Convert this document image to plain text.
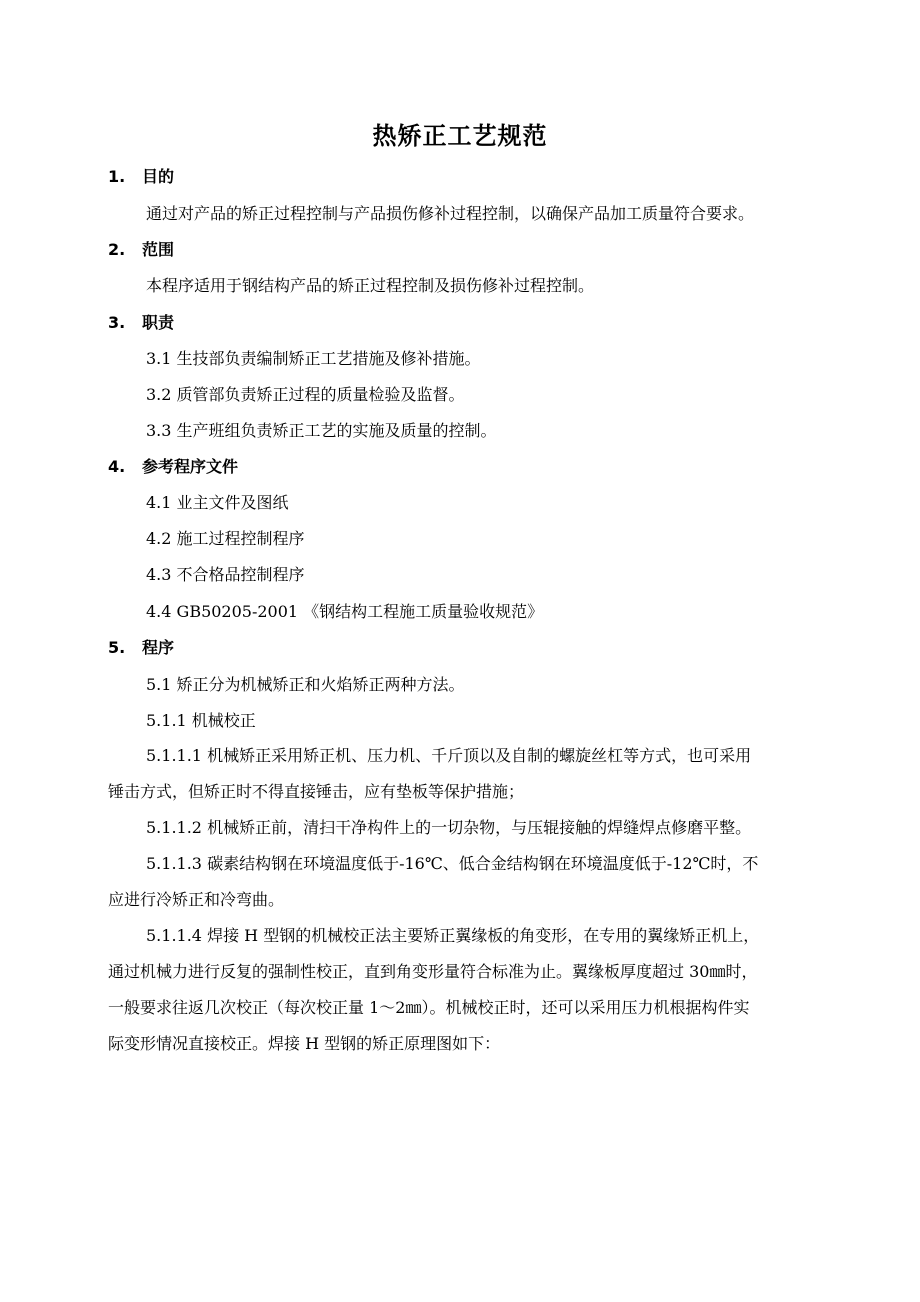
热矫正工艺规范
1. 目的
通过对产品的矫正过程控制与产品损伤修补过程控制，以确保产品加工质量符合要求。
2. 范围
本程序适用于钢结构产品的矫正过程控制及损伤修补过程控制。
3. 职责
3.1 生技部负责编制矫正工艺措施及修补措施。
3.2 质管部负责矫正过程的质量检验及监督。
3.3 生产班组负责矫正工艺的实施及质量的控制。
4. 参考程序文件
4.1 业主文件及图纸
4.2 施工过程控制程序
4.3 不合格品控制程序
4.4 GB50205-2001 《钢结构工程施工质量验收规范》
5. 程序
5.1 矫正分为机械矫正和火焰矫正两种方法。
5.1.1 机械校正
5.1.1.1 机械矫正采用矫正机、压力机、千斤顶以及自制的螺旋丝杠等方式，也可采用
锤击方式，但矫正时不得直接锤击，应有垫板等保护措施；
5.1.1.2 机械矫正前，清扫干净构件上的一切杂物，与压辊接触的焊缝焊点修磨平整。
5.1.1.3 碳素结构钢在环境温度低于-16℃、低合金结构钢在环境温度低于-12℃时，不
应进行冷矫正和冷弯曲。
5.1.1.4 焊接 H 型钢的机械校正法主要矫正翼缘板的角变形，在专用的翼缘矫正机上，
通过机械力进行反复的强制性校正，直到角变形量符合标准为止。翼缘板厚度超过 30㎜时，
一般要求往返几次校正（每次校正量 1～2㎜）。机械校正时，还可以采用压力机根据构件实
际变形情况直接校正。焊接 H 型钢的矫正原理图如下：
